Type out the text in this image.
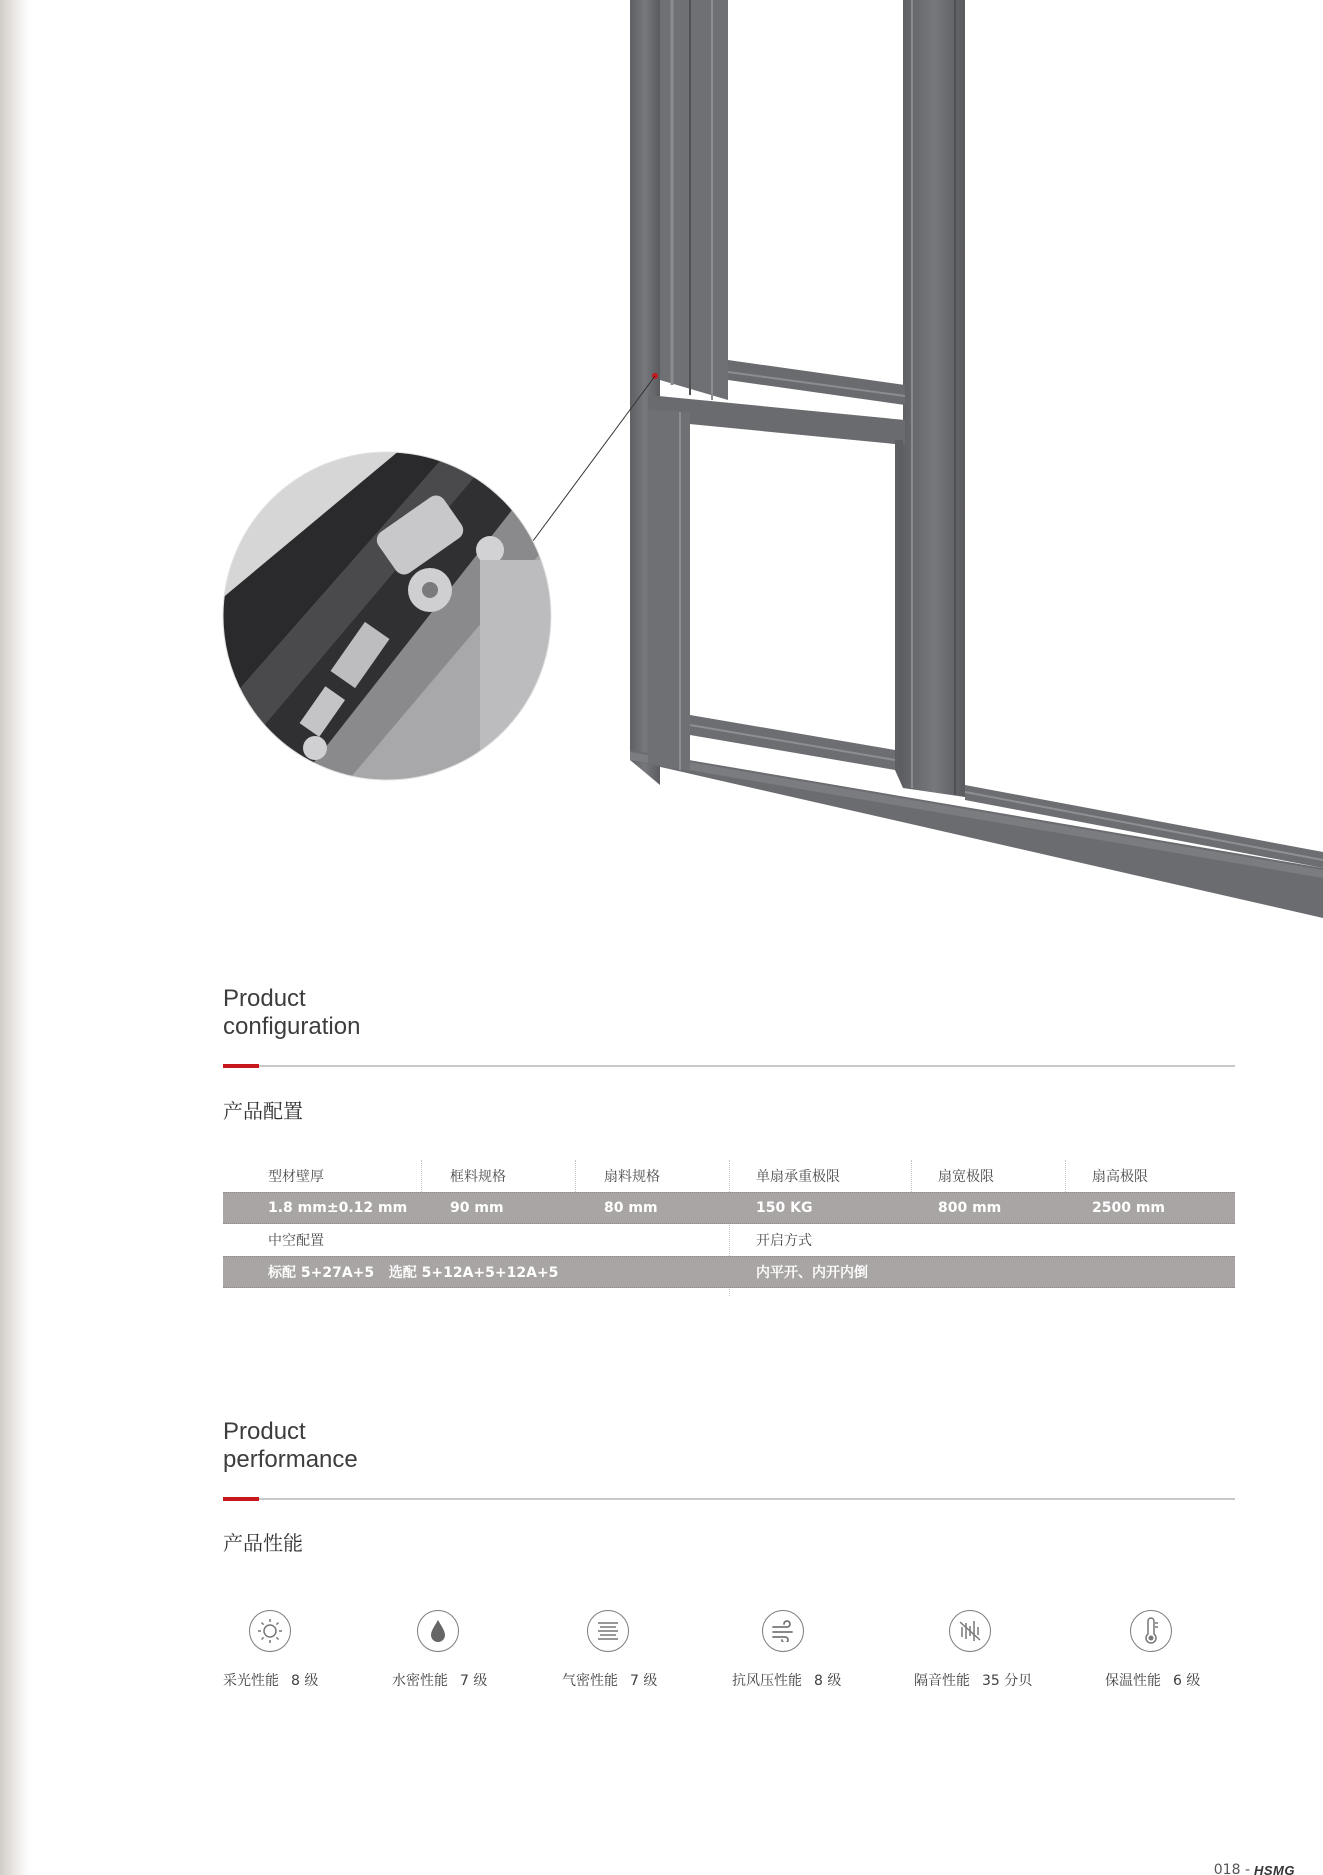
Product
configuration
产品配置
型材壁厚	框料规格	扇料规格	单扇承重极限	扇宽极限	扇高极限
1.8 mm±0.12 mm	90 mm	80 mm	150 KG	800 mm	2500 mm
中空配置	开启方式
标配 5+27A+5   选配 5+12A+5+12A+5	内平开、内开内倒
Product
performance
产品性能
采光性能 8 级	水密性能 7 级	气密性能 7 级	抗风压性能 8 级	隔音性能 35 分贝	保温性能 6 级
018 - HSMG
